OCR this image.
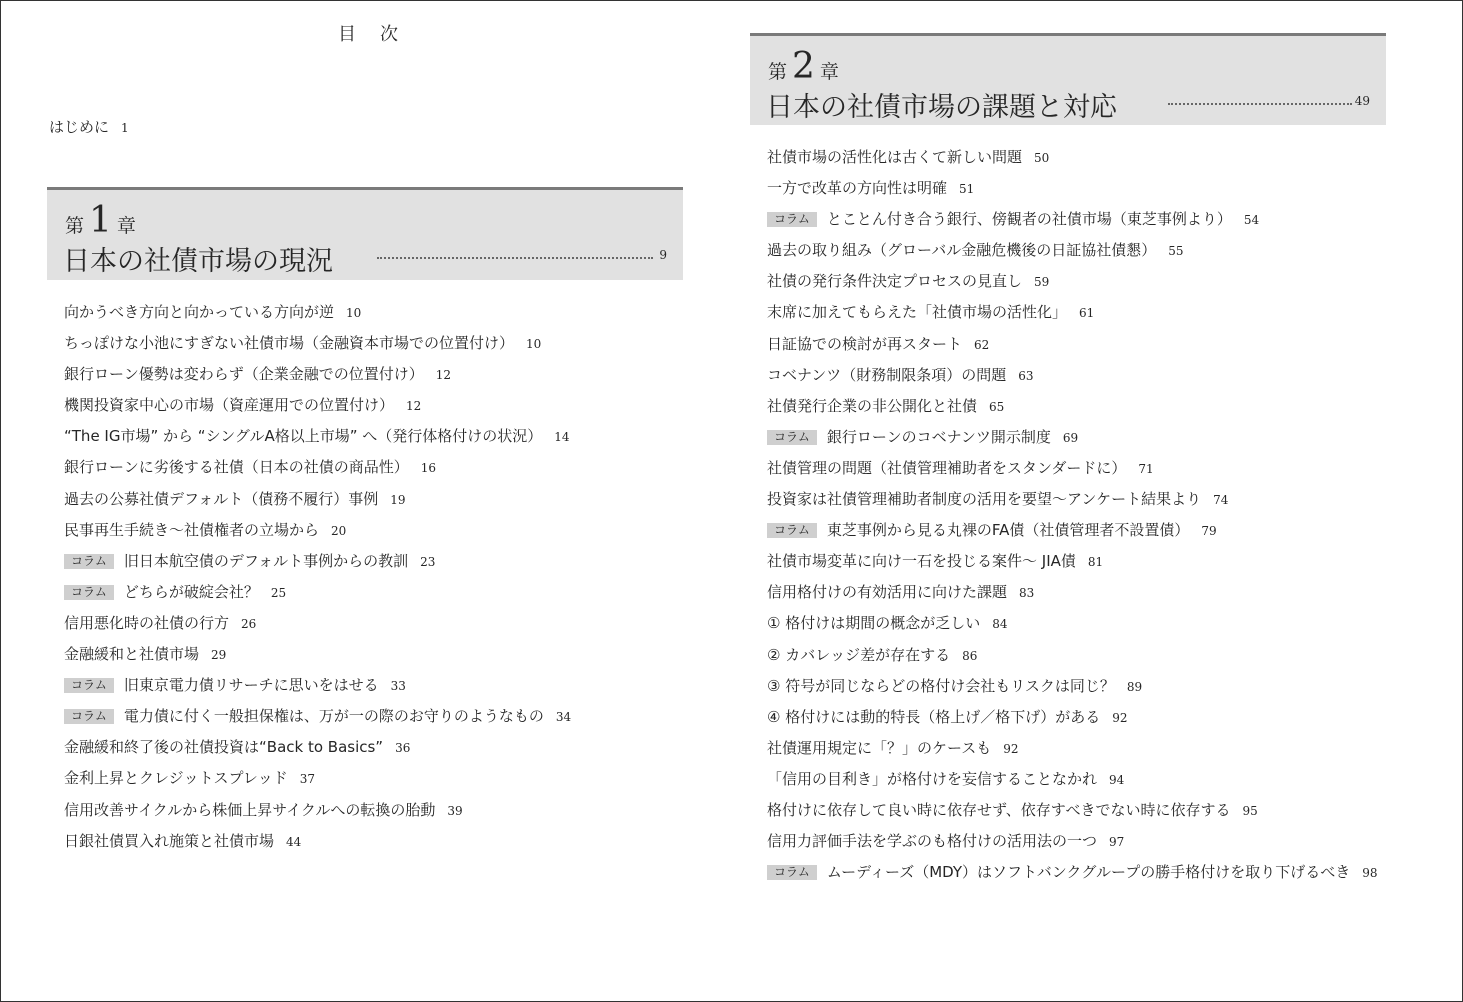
目次
はじめに 1
第 1 章
日本の社債市場の現況	9
向かうべき方向と向かっている方向が逆 10
ちっぽけな小池にすぎない社債市場（金融資本市場での位置付け） 10
銀行ローン優勢は変わらず（企業金融での位置付け） 12
機関投資家中心の市場（資産運用での位置付け） 12
“The IG市場” から “シングルA格以上市場” へ（発行体格付けの状況） 14
銀行ローンに劣後する社債（日本の社債の商品性） 16
過去の公募社債デフォルト（債務不履行）事例 19
民事再生手続き～社債権者の立場から 20
コラム 旧日本航空債のデフォルト事例からの教訓 23
コラム どちらが破綻会社？ 25
信用悪化時の社債の行方 26
金融緩和と社債市場 29
コラム 旧東京電力債リサーチに思いをはせる 33
コラム 電力債に付く一般担保権は、万が一の際のお守りのようなもの 34
金融緩和終了後の社債投資は“Back to Basics” 36
金利上昇とクレジットスプレッド 37
信用改善サイクルから株価上昇サイクルへの転換の胎動 39
日銀社債買入れ施策と社債市場 44
第 2 章
日本の社債市場の課題と対応	49
社債市場の活性化は古くて新しい問題 50
一方で改革の方向性は明確 51
コラム とことん付き合う銀行、傍観者の社債市場（東芝事例より） 54
過去の取り組み（グローバル金融危機後の日証協社債懇） 55
社債の発行条件決定プロセスの見直し 59
末席に加えてもらえた「社債市場の活性化」 61
日証協での検討が再スタート 62
コベナンツ（財務制限条項）の問題 63
社債発行企業の非公開化と社債 65
コラム 銀行ローンのコベナンツ開示制度 69
社債管理の問題（社債管理補助者をスタンダードに） 71
投資家は社債管理補助者制度の活用を要望～アンケート結果より 74
コラム 東芝事例から見る丸裸のFA債（社債管理者不設置債） 79
社債市場変革に向け一石を投じる案件～ JIA債 81
信用格付けの有効活用に向けた課題 83
① 格付けは期間の概念が乏しい 84
② カバレッジ差が存在する 86
③ 符号が同じならどの格付け会社もリスクは同じ？ 89
④ 格付けには動的特長（格上げ／格下げ）がある 92
社債運用規定に「？」のケースも 92
「信用の目利き」が格付けを妄信することなかれ 94
格付けに依存して良い時に依存せず、依存すべきでない時に依存する 95
信用力評価手法を学ぶのも格付けの活用法の一つ 97
コラム ムーディーズ（MDY）はソフトバンクグループの勝手格付けを取り下げるべき 98
